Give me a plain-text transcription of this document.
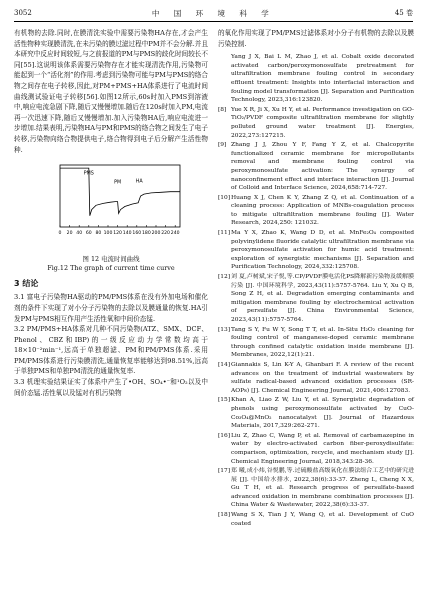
3052	中 国 环 境 科 学	45 卷

有机物的去除.同时,在膜清洗实验中需要污染物HA存在,才会产生活性物种实现膜清洗,在未污染的膜过滤过程中PM并不会分解.并且本研究中反应时间较短,与之前报道的PM与PMS的歧化时间较长不同[55].这说明该体系需要污染物存在才能实现清洗作用,污染物可能起到一个“活化剂”的作用.考虑到污染物可能与PM与PMS的络合物之间存在电子转移,因此,对PM+PMS+HA体系进行了电流时间曲线测试验证电子转移[56].如图12所示,60s时加入PMS到溶液中,响应电流急剧下降,随后又慢慢增加.随后在120s时加入PM,电流再一次迅速下降,随后又慢慢增加.加入污染物HA后,响应电流进一步增加.结果表明,污染物HA与PM和PMS的络合物之间发生了电子转移,污染物向络合物提供电子,络合物得到电子后分解产生活性物种.

0 20 40 60 80 100 120 140 160 180 200 220 240
PMS
PM	HA
图 12 电流时间曲线
Fig.12 The graph of current time curve
3 结论

3.1 富电子污染物HA驱动的PM/PMS体系在没有外加电场和催化剂的条件下实现了对小分子污染物的去除以及膜通量的恢复.HA引发PM与PMS相互作用产生活性氧和中间价态锰.

3.2 PM/PMS+HA体系对几种不同污染物(ATZ、SMX、DCF、Phenol、CBZ和IBP)的一级反应动力学常数均高于18×10⁻²min⁻¹,远高于单独超滤、PM和PM/PMS体系.采用PM/PMS体系进行污染膜清洗,通量恢复率能够达到98.51%,远高于单独PMS和单独PM清洗的通量恢复率.

3.3 机理实验结果证实了体系中产生了•OH、SO₄•⁻和¹O₂以及中间价态锰.活性氧以及锰对有机污染物

的氧化作用实现了PM/PMS过滤体系对小分子有机物的去除以及膜污染控制.

Yang J X, Bai L M, Zhao J, et al. Cobalt oxide decorated activated carbon/peroxymonosulfate pretreatment for ultrafiltration membrane fouling control in secondary effluent treatment: Insights into interfacial interaction and fouling model transformation [J]. Separation and Purification Technology, 2023,316:123820.
[8] Yue X R, Ji X, Xu H Y, et al. Performance investigation on GO-TiO₂/PVDF composite ultrafiltration membrane for slightly polluted ground water treatment [J]. Energies, 2022,273:127215.
[9] Zhang J J, Zhou Y F, Fang Y Z, et al. Chalcopyrite functionalized ceramic membrane for micropollutants removal and membrane fouling control via peroxymonosulfate activation: The synergy of nanoconfinement effect and interface interaction [J]. Journal of Colloid and Interface Science, 2024,658:714-727.
[10] Huang X J, Chen K Y, Zhang Z Q, et al. Continuation of a cleaning process: Application of MNBs-coagulation process to mitigate ultrafiltration membrane fouling [J]. Water Research, 2024,250: 121032.
[11] Ma Y X, Zhao K, Wang D D, et al. MnFe₂O₄ composited polyvinylidene fluoride catalytic ultrafiltration membrane via peroxymonosulfate activation for humic acid treatment: exploration of synergistic mechanisms [J]. Separation and Purification Technology, 2024,332:125708.
[12] 刘 夏,卢树斌,宋子悦,等.CP/PVDF膜电活化PS降解新污染物及缓解膜污染 [J]. 中国环境科学, 2023,43(11):5757-5764. Liu Y, Xu Q B, Song Z H, et al. Degradation emerging contaminants and mitigation membrane fouling by electrochemical activation of persulfate [J]. China Environmental Science, 2023,43(11):5757-5764.
[13] Tang S Y, Fu W Y, Song T T, et al. In-Situ H₂O₂ cleaning for fouling control of manganese-doped ceramic membrane through confined catalytic oxidation inside membrane [J]. Membranes, 2022,12(1):21.
[14] Giannakis S, Lin K-Y A, Ghanbari F. A review of the recent advances on the treatment of industrial wastewaters by sulfate radical-based advanced oxidation processes (SR-AOPs) [J]. Chemical Engineering Journal, 2021,406:127083.
[15] Khan A, Liao Z W, Liu Y, et al. Synergistic degradation of phenols using peroxymonosulfate activated by CuO-Co₃O₄@MnO₂ nanocatalyst [J]. Journal of Hazardous Materials, 2017,329:262-271.
[16] Liu Z, Zhao C, Wang P, et al. Removal of carbamazepine in water by electro-activated carbon fiber-peroxydisulfate: comparison, optimization, recycle, and mechanism study [J]. Chemical Engineering Journal, 2018,343:28-36.
[17] 郑 曦,成小炜,谷悦鹏,等.过硫酸盐高级氧化在膜法组合工艺中的研究进展 [J]. 中国给水排水, 2022,38(6):33-37. Zheng L, Cheng X X, Gu T H, et al. Research progress of persulfate-based advanced oxidation in membrane combination processes [J]. China Water & Wastewater, 2022,38(6):33-37.
[18] Wang S X, Tian J Y, Wang Q, et al. Development of CuO coated
